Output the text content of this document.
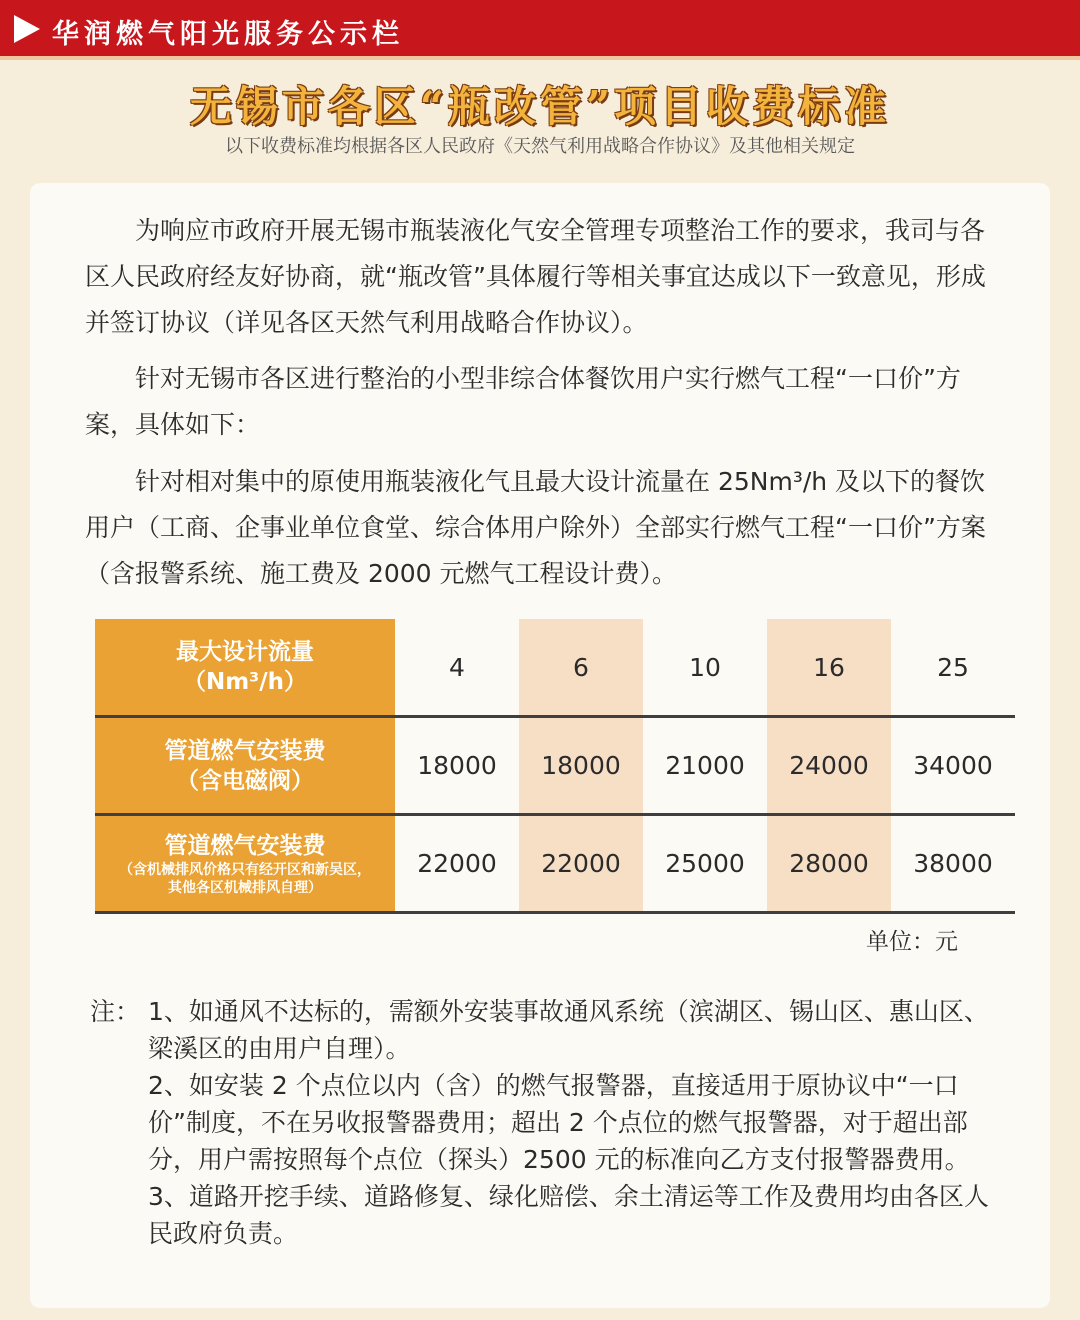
华润燃气阳光服务公示栏
无锡市各区“瓶改管”项目收费标准
以下收费标准均根据各区人民政府《天然气利用战略合作协议》及其他相关规定

为响应市政府开展无锡市瓶装液化气安全管理专项整治工作的要求，我司与各区人民政府经友好协商，就“瓶改管”具体履行等相关事宜达成以下一致意见，形成并签订协议（详见各区天然气利用战略合作协议）。

针对无锡市各区进行整治的小型非综合体餐饮用户实行燃气工程“一口价”方案，具体如下：

针对相对集中的原使用瓶装液化气且最大设计流量在 25Nm³/h 及以下的餐饮用户（工商、企事业单位食堂、综合体用户除外）全部实行燃气工程“一口价”方案（含报警系统、施工费及 2000 元燃气工程设计费）。

最大设计流量
（Nm³/h）	4	6	10	16	25

管道燃气安装费
（含电磁阀）	18000	18000	21000	24000	34000

管道燃气安装费
（含机械排风价格只有经开区和新吴区，
其他各区机械排风自理）	22000	22000	25000	28000	38000
单位：元
注： 1、如通风不达标的，需额外安装事故通风系统（滨湖区、锡山区、惠山区、梁溪区的由用户自理）。
2、如安装 2 个点位以内（含）的燃气报警器，直接适用于原协议中“一口价”制度，不在另收报警器费用；超出 2 个点位的燃气报警器，对于超出部分，用户需按照每个点位（探头）2500 元的标准向乙方支付报警器费用。
3、道路开挖手续、道路修复、绿化赔偿、余土清运等工作及费用均由各区人民政府负责。
